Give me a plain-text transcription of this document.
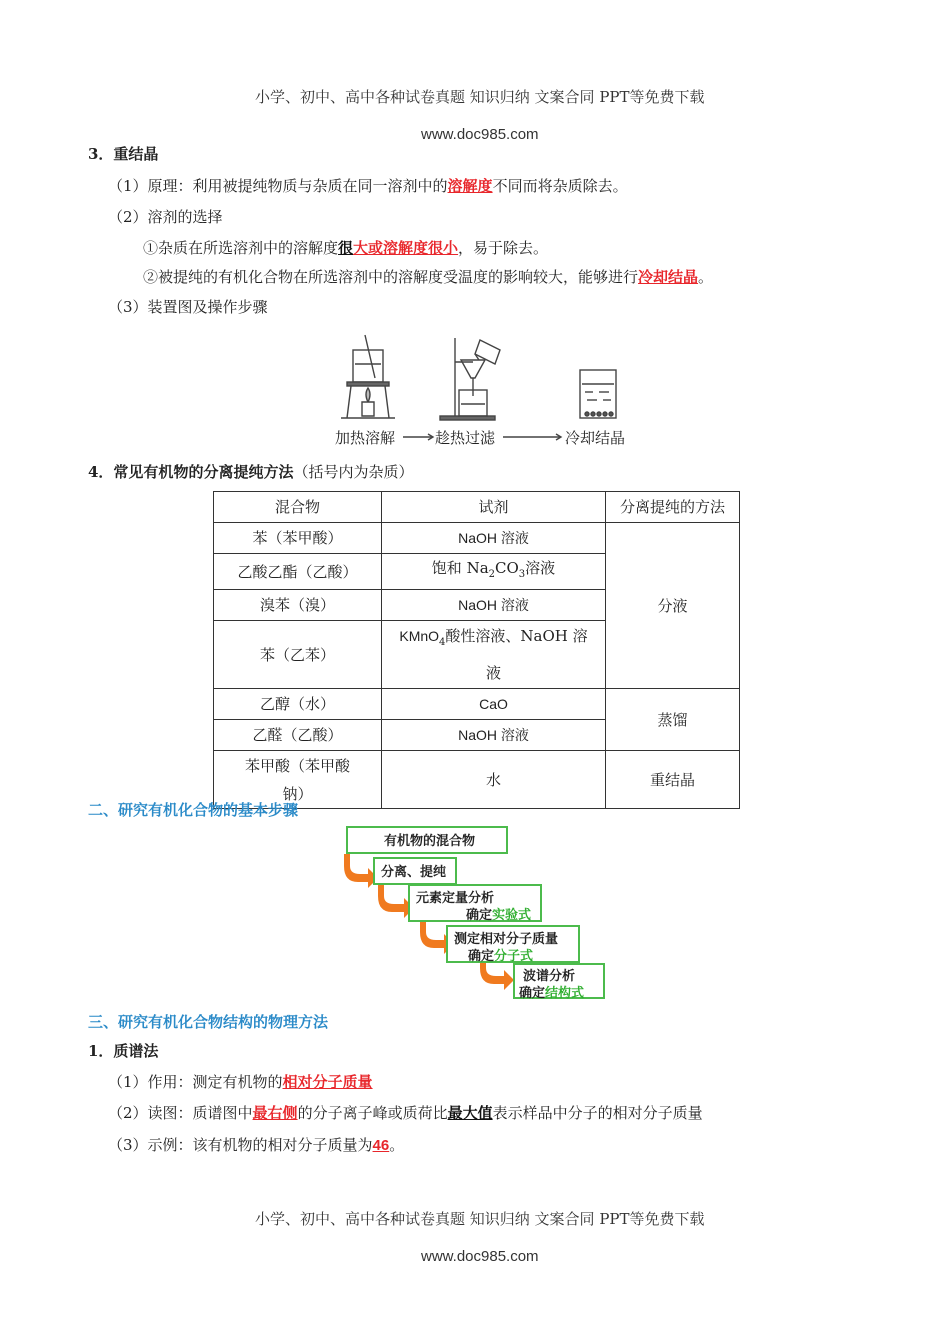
小学、初中、高中各种试卷真题 知识归纳 文案合同 PPT等免费下载

www.doc985.com

3．重结晶
（1）原理：利用被提纯物质与杂质在同一溶剂中的溶解度不同而将杂质除去。
（2）溶剂的选择
①杂质在所选溶剂中的溶解度很大或溶解度很小，易于除去。
②被提纯的有机化合物在所选溶剂中的溶解度受温度的影响较大，能够进行冷却结晶。
（3）装置图及操作步骤
加热溶解	趁热过滤	冷却结晶
4．常见有机物的分离提纯方法（括号内为杂质）
混合物	试剂	分离提纯的方法
苯（苯甲酸）	NaOH 溶液	分液
乙酸乙酯（乙酸）	饱和 $Na_2CO_3$溶液	
溴苯（溴）	NaOH 溶液	
苯（乙苯）	KMnO$_4$酸性溶液、NaOH 溶液	
乙醇（水）	CaO	蒸馏
乙醛（乙酸）	NaOH 溶液	
苯甲酸（苯甲酸钠）	水	重结晶
二、研究有机化合物的基本步骤
有机物的混合物
分离、提纯
元素定量分析
确定实验式
测定相对分子质量
确定分子式
波谱分析
确定结构式
三、研究有机化合物结构的物理方法
1．质谱法
（1）作用：测定有机物的相对分子质量
（2）读图：质谱图中最右侧的分子离子峰或质荷比最大值表示样品中分子的相对分子质量
（3）示例：该有机物的相对分子质量为46。

小学、初中、高中各种试卷真题 知识归纳 文案合同 PPT等免费下载

www.doc985.com
